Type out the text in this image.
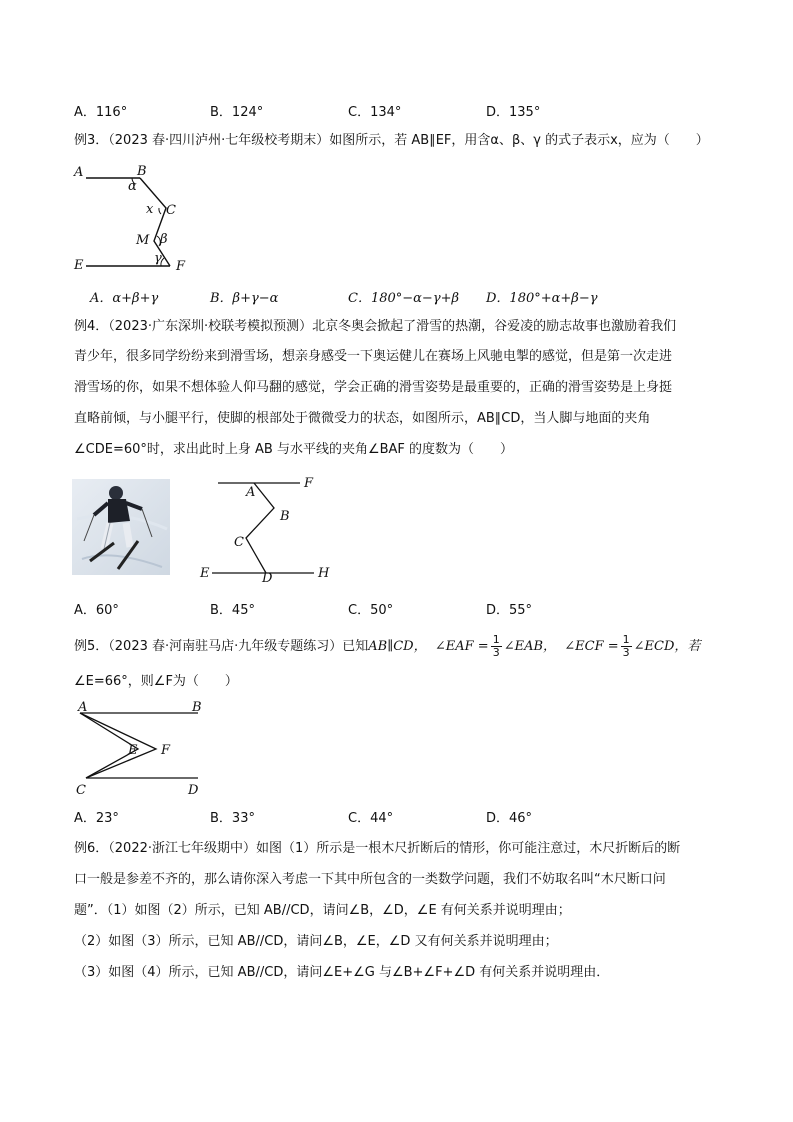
A．116°	B．124°	C．134°	D．135°
例3．（2023 春·四川泸州·七年级校考期末）如图所示，若 AB∥EF，用含α、β、γ 的式子表示x，应为（　　）
A	B
α
x C
M β
E	γ
F
A．α+β+γ	B．β+γ−α	C．180°−α−γ+β D．180°+α+β−γ
例4．（2023·广东深圳·校联考模拟预测）北京冬奥会掀起了滑雪的热潮，谷爱凌的励志故事也激励着我们
青少年，很多同学纷纷来到滑雪场，想亲身感受一下奥运健儿在赛场上风驰电掣的感觉，但是第一次走进
滑雪场的你，如果不想体验人仰马翻的感觉，学会正确的滑雪姿势是最重要的，正确的滑雪姿势是上身挺
直略前倾，与小腿平行，使脚的根部处于微微受力的状态，如图所示，AB∥CD，当人脚与地面的夹角
∠CDE=60°时，求出此时上身 AB 与水平线的夹角∠BAF 的度数为（　　）
A
F
B
C
E	D	H
A．60°	B．45°	C．50°	D．55°
例5．（2023 春·河南驻马店·九年级专题练习）已知AB∥CD， ∠EAF = $\frac{1}{3}$ ∠EAB， ∠ECF = $\frac{1}{3}$ ∠ECD，若
∠E=66°，则∠F为（　　）
A	B
E F
C	D
A．23°	B．33°	C．44°	D．46°
例6．（2022·浙江七年级期中）如图（1）所示是一根木尺折断后的情形，你可能注意过，木尺折断后的断
口一般是参差不齐的，那么请你深入考虑一下其中所包含的一类数学问题，我们不妨取名叫“木尺断口问
题”．（1）如图（2）所示，已知 AB//CD，请问∠B，∠D，∠E 有何关系并说明理由；
（2）如图（3）所示，已知 AB//CD，请问∠B，∠E，∠D 又有何关系并说明理由；
（3）如图（4）所示，已知 AB//CD，请问∠E+∠G 与∠B+∠F+∠D 有何关系并说明理由．
